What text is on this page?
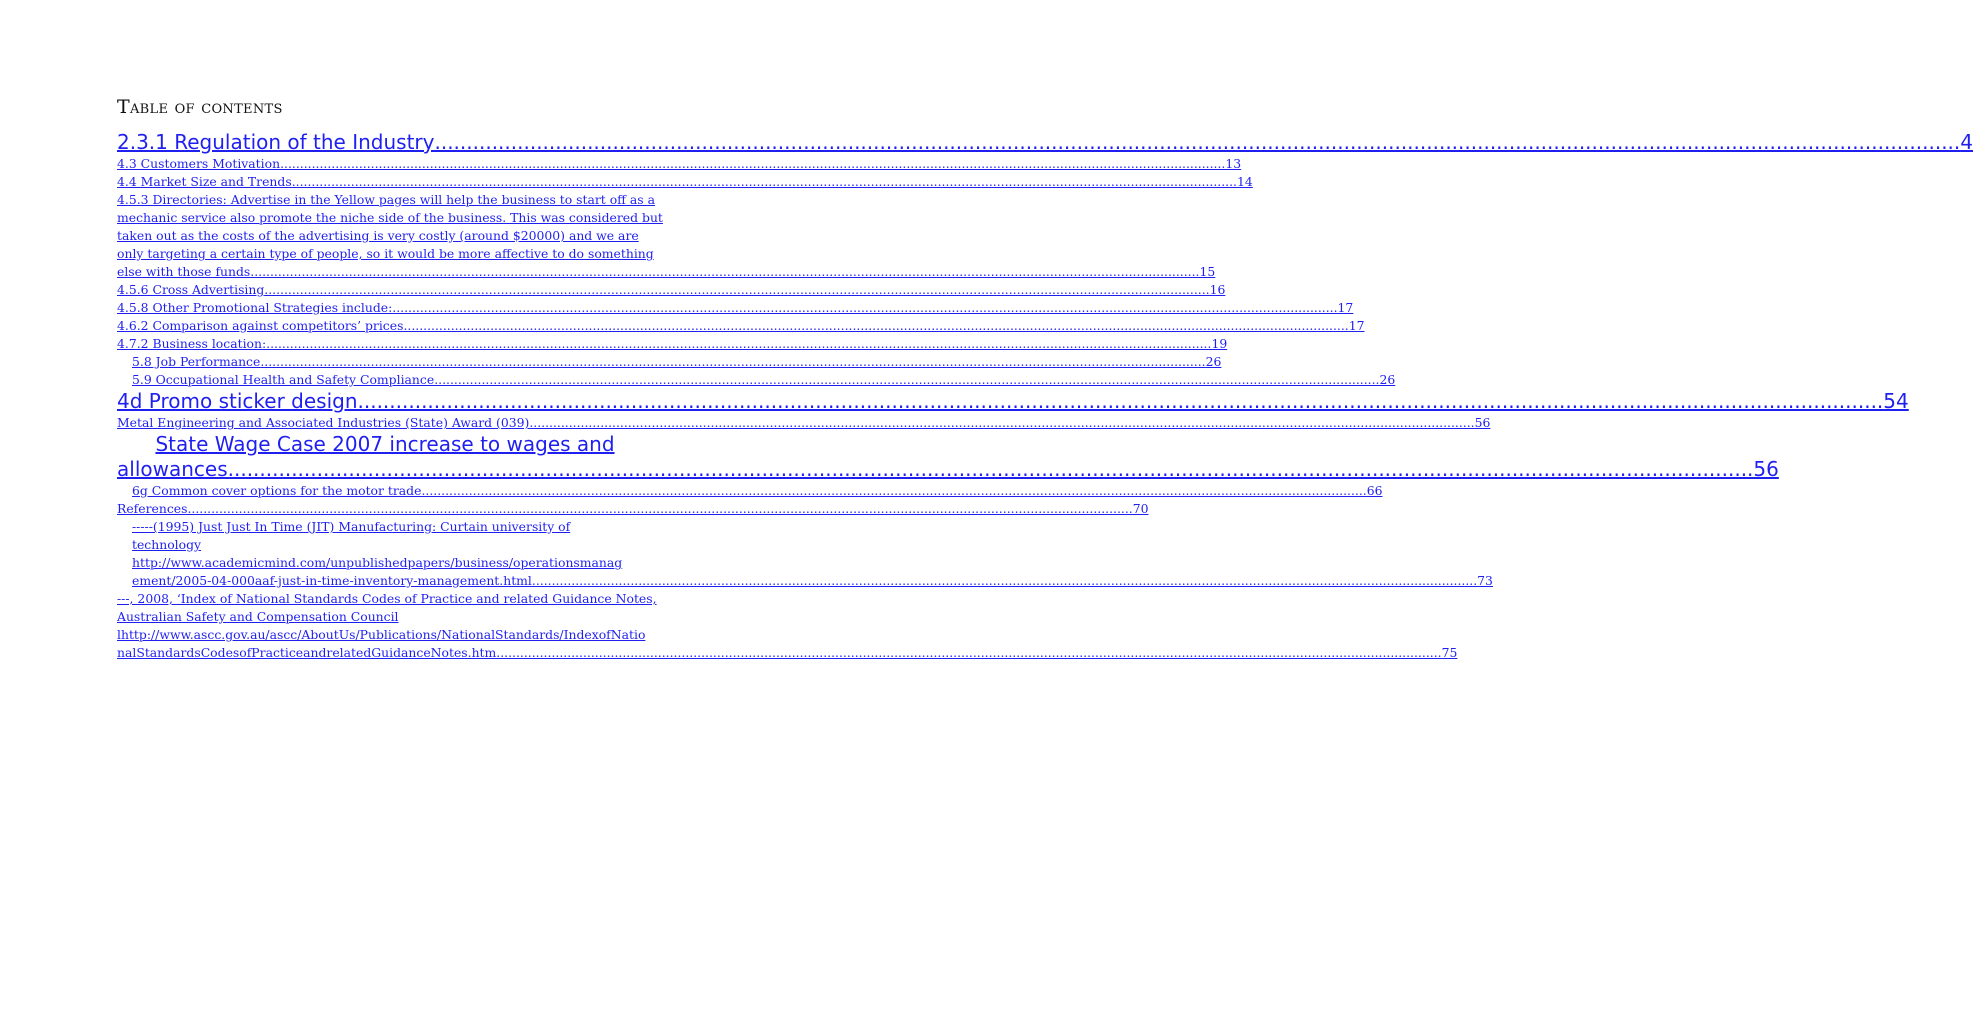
Table of contents
2.3.1 Regulation of the Industry ................................................................................................................................................................................................................................................ 4
4.3 Customers Motivation ................................................................................................................................................................................................................................................ 13
4.4 Market Size and Trends ................................................................................................................................................................................................................................................ 14
4.5.3 Directories: Advertise in the Yellow pages will help the business to start off as a
mechanic service also promote the niche side of the business. This was considered but
taken out as the costs of the advertising is very costly (around $20000) and we are
only targeting a certain type of people, so it would be more affective to do something
else with those funds. ................................................................................................................................................................................................................................................ 15
4.5.6 Cross Advertising ................................................................................................................................................................................................................................................ 16
4.5.8 Other Promotional Strategies include: ................................................................................................................................................................................................................................................ 17
4.6.2 Comparison against competitors’ prices ................................................................................................................................................................................................................................................ 17
4.7.2 Business location: ................................................................................................................................................................................................................................................ 19
5.8 Job Performance ................................................................................................................................................................................................................................................ 26
5.9 Occupational Health and Safety Compliance ................................................................................................................................................................................................................................................ 26
4d Promo sticker design ................................................................................................................................................................................................................................................ 54
Metal Engineering and Associated Industries (State) Award (039) ................................................................................................................................................................................................................................................ 56
State Wage Case 2007 increase to wages and
allowances ................................................................................................................................................................................................................................................ 56
6g Common cover options for the motor trade ................................................................................................................................................................................................................................................ 66
References ................................................................................................................................................................................................................................................ 70
-----(1995) Just Just In Time (JIT) Manufacturing: Curtain university of
technology
http://www.academicmind.com/unpublishedpapers/business/operationsmanag
ement/2005-04-000aaf-just-in-time-inventory-management.html ................................................................................................................................................................................................................................................ 73
---, 2008, ‘Index of National Standards Codes of Practice and related Guidance Notes,
Australian Safety and Compensation Council
lhttp://www.ascc.gov.au/ascc/AboutUs/Publications/NationalStandards/IndexofNatio
nalStandardsCodesofPracticeandrelatedGuidanceNotes.htm ................................................................................................................................................................................................................................................ 75
